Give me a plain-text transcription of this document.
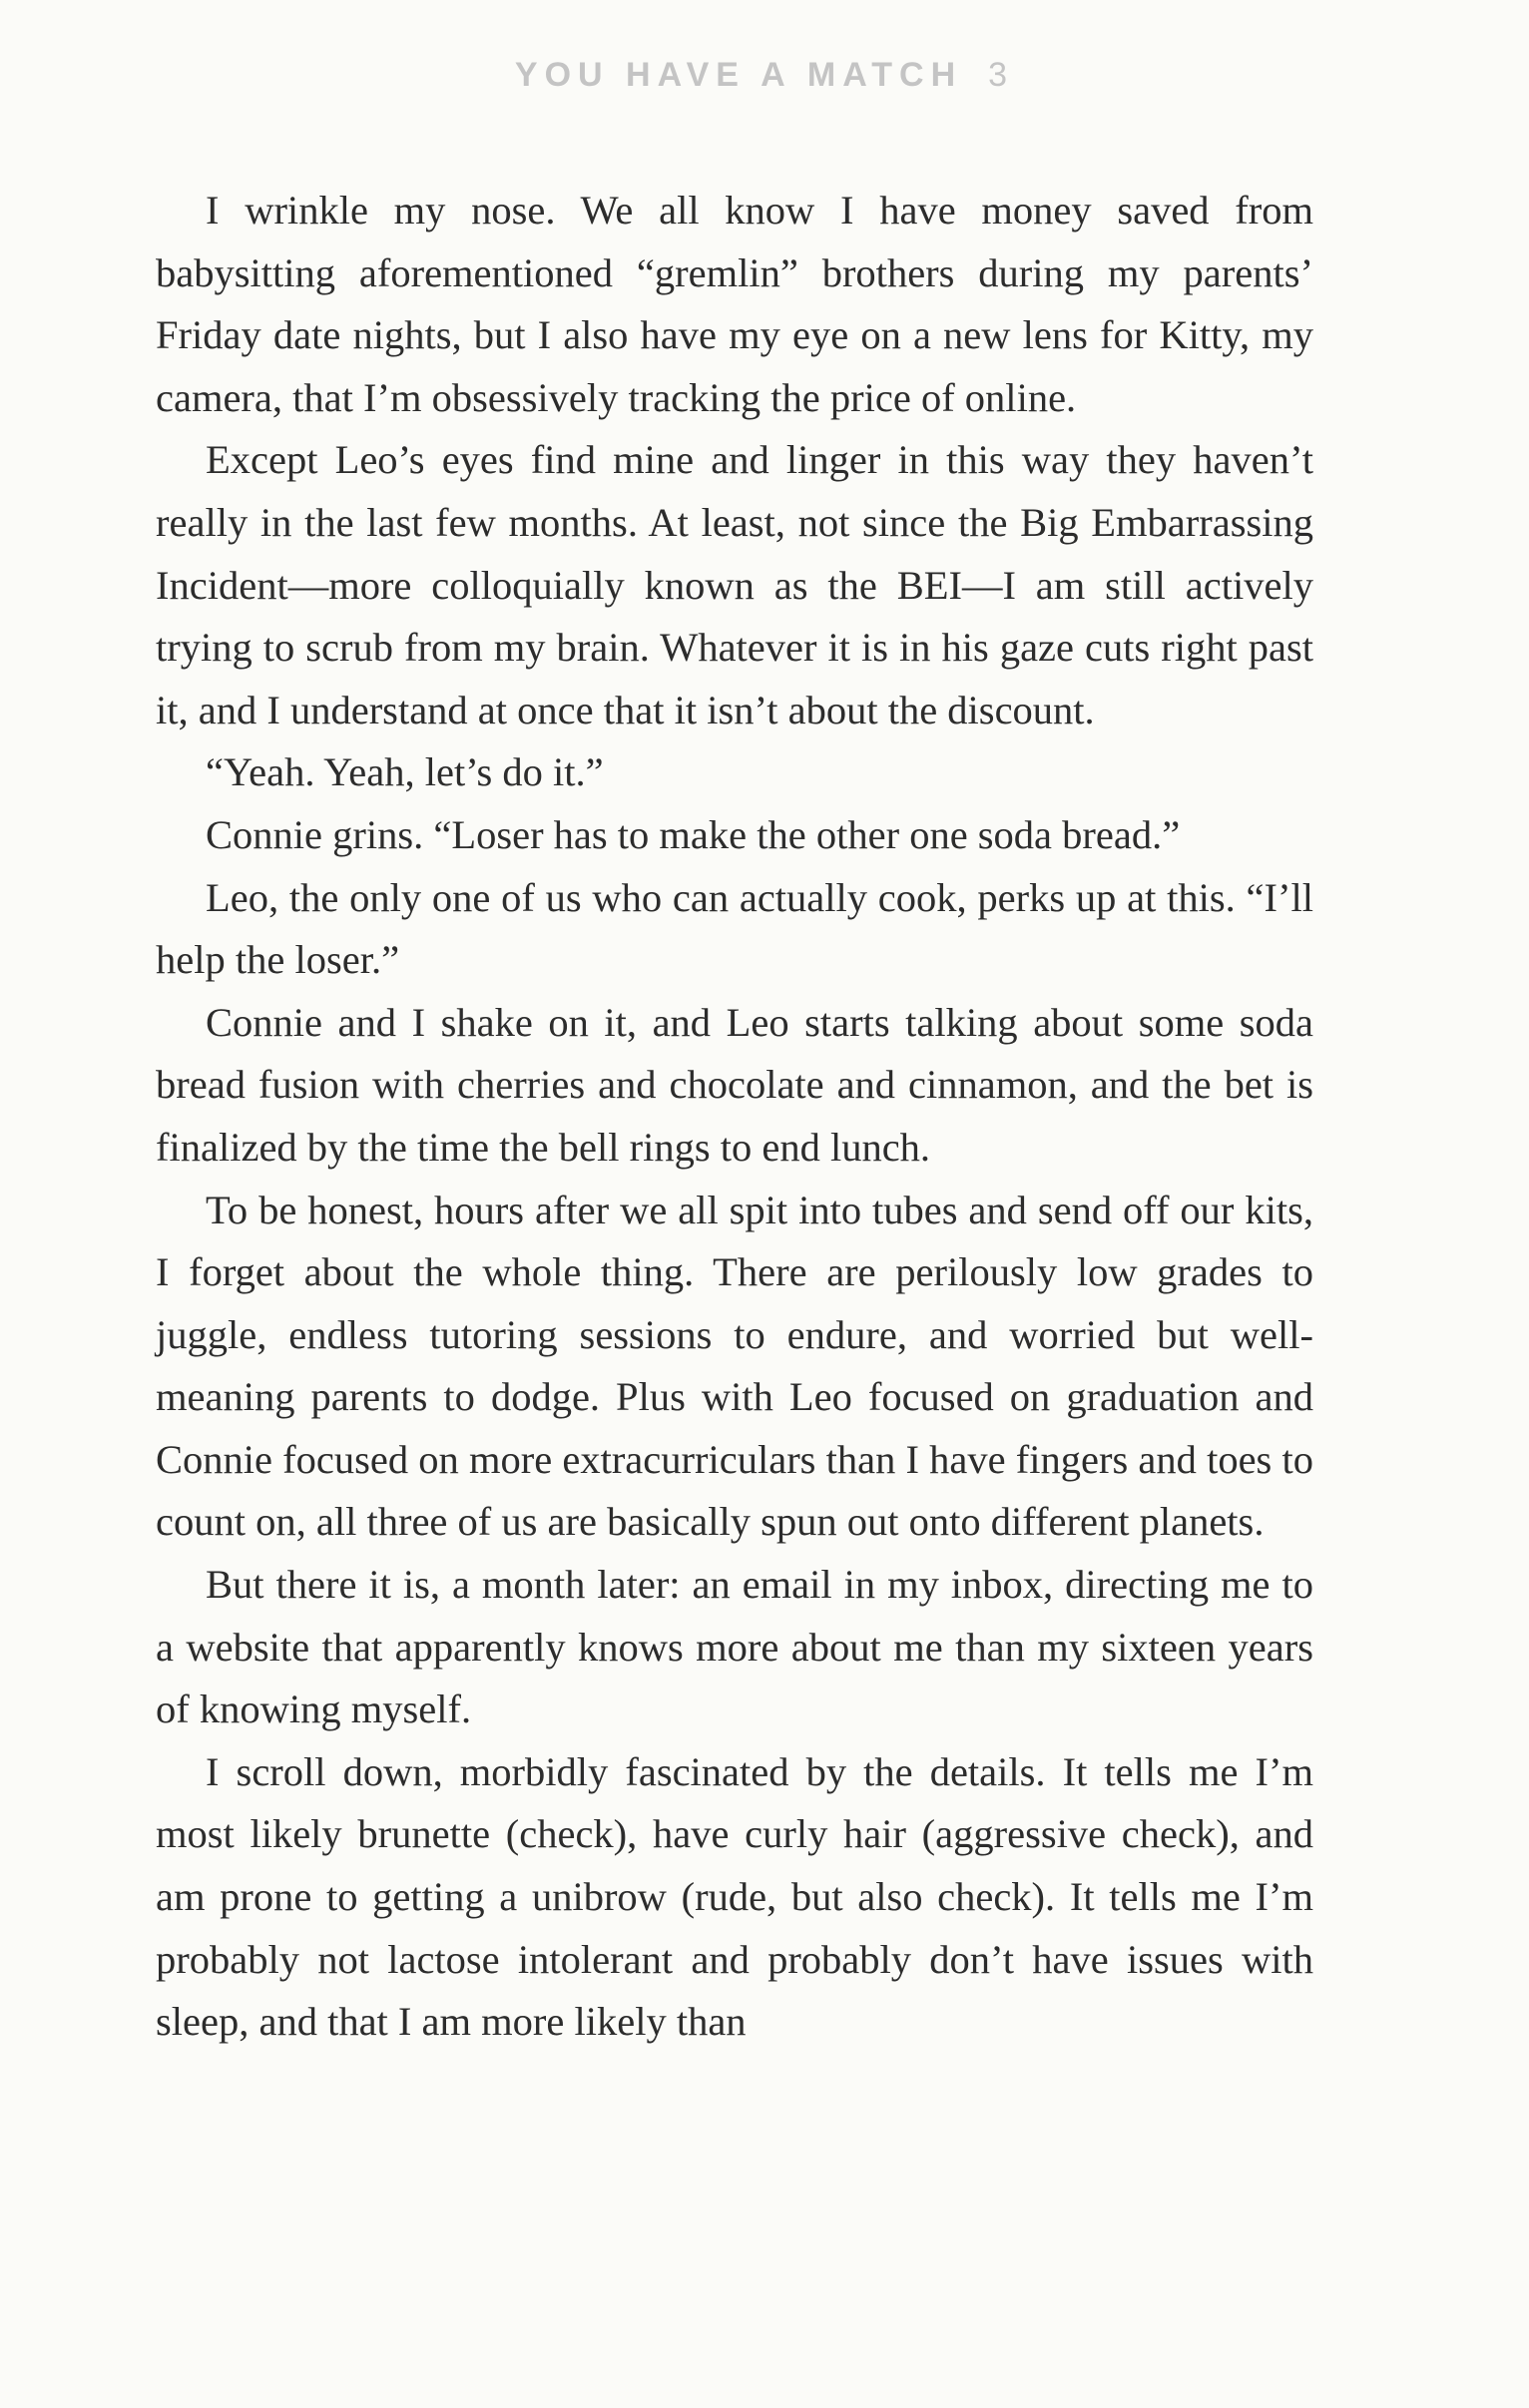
YOU HAVE A MATCH 3

I wrinkle my nose. We all know I have money saved from babysitting aforementioned “gremlin” brothers during my parents’ Friday date nights, but I also have my eye on a new lens for Kitty, my camera, that I’m obsessively tracking the price of online.

Except Leo’s eyes find mine and linger in this way they haven’t really in the last few months. At least, not since the Big Embarrassing Incident—more colloquially known as the BEI—I am still actively trying to scrub from my brain. Whatever it is in his gaze cuts right past it, and I understand at once that it isn’t about the discount.

“Yeah. Yeah, let’s do it.”

Connie grins. “Loser has to make the other one soda bread.”

Leo, the only one of us who can actually cook, perks up at this. “I’ll help the loser.”

Connie and I shake on it, and Leo starts talking about some soda bread fusion with cherries and chocolate and cinnamon, and the bet is finalized by the time the bell rings to end lunch.

To be honest, hours after we all spit into tubes and send off our kits, I forget about the whole thing. There are perilously low grades to juggle, endless tutoring sessions to endure, and worried but well-meaning parents to dodge. Plus with Leo focused on graduation and Connie focused on more extracurriculars than I have fingers and toes to count on, all three of us are basically spun out onto different planets.

But there it is, a month later: an email in my inbox, directing me to a website that apparently knows more about me than my sixteen years of knowing myself.

I scroll down, morbidly fascinated by the details. It tells me I’m most likely brunette (check), have curly hair (aggressive check), and am prone to getting a unibrow (rude, but also check). It tells me I’m probably not lactose intolerant and probably don’t have issues with sleep, and that I am more likely than
